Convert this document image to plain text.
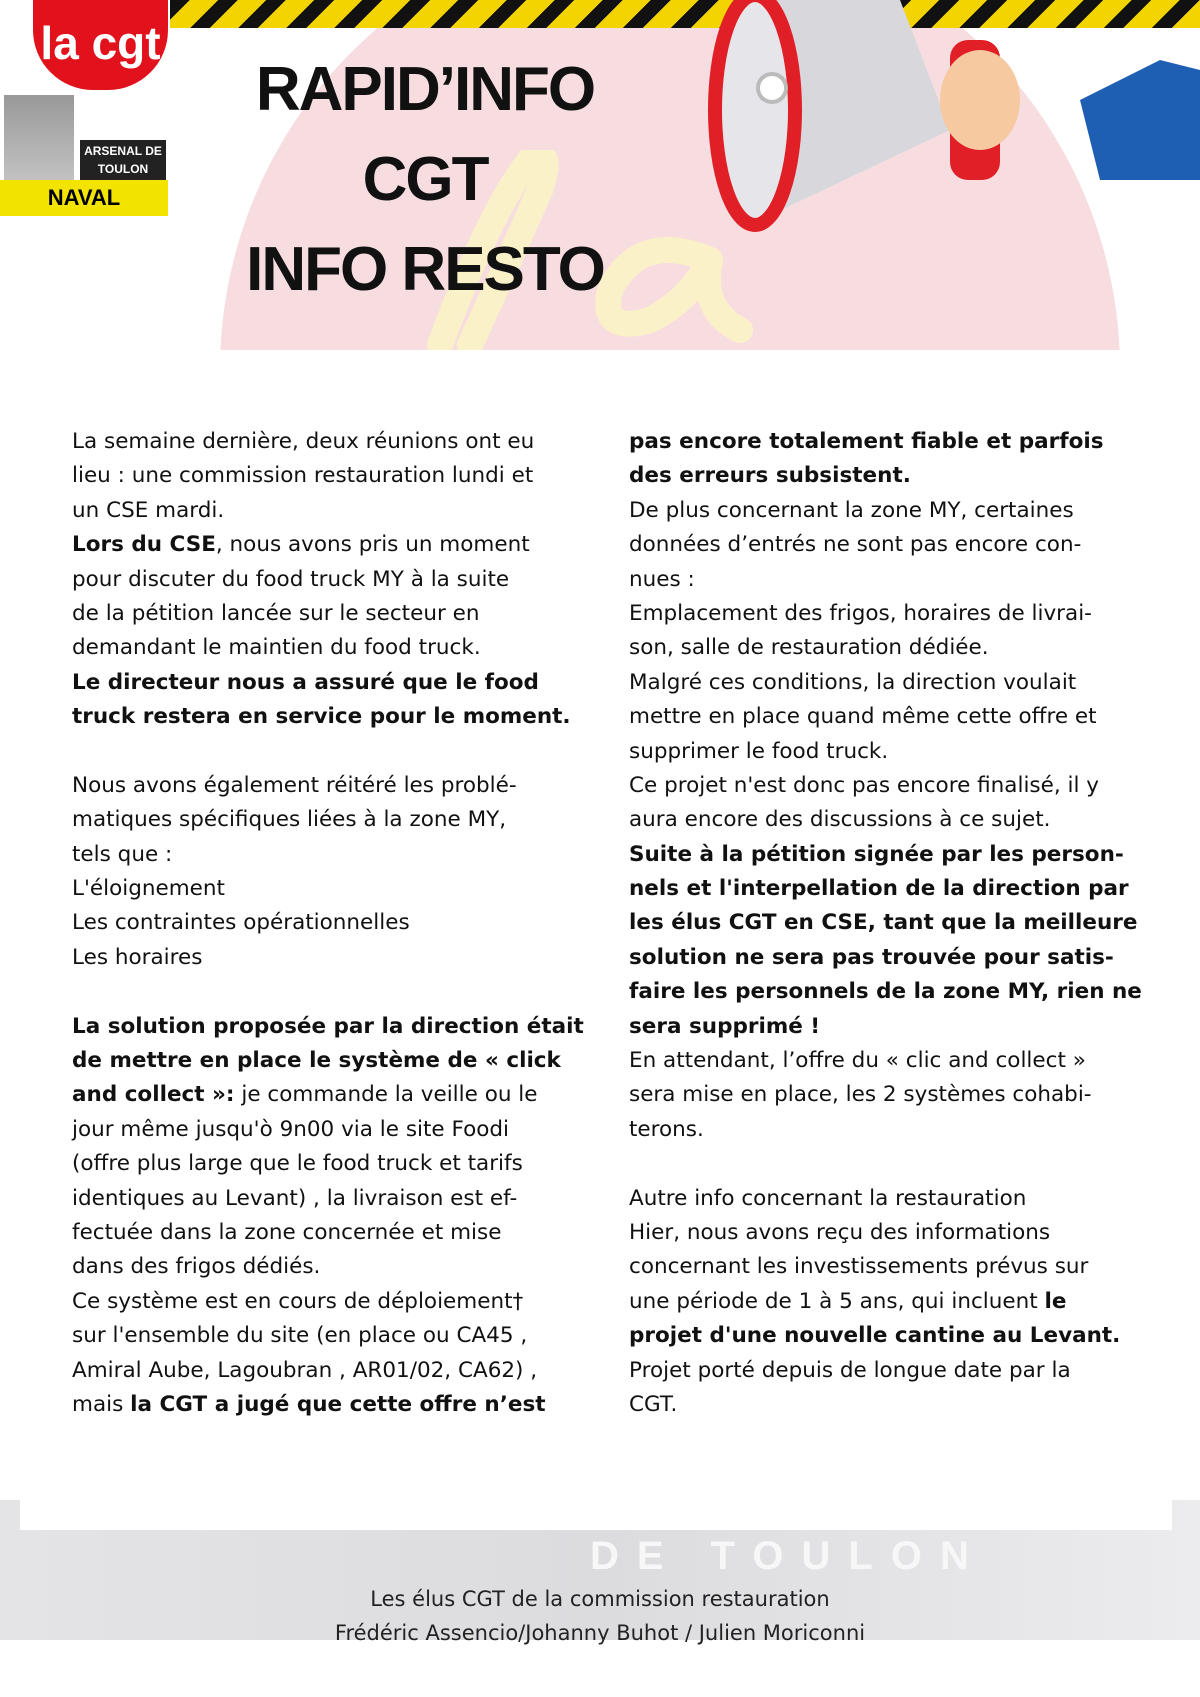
la cgt
ARSENAL DE TOULON
NAVAL
RAPID’INFO
CGT
INFO RESTO
DE TOULON
La semaine dernière, deux réunions ont eu
lieu : une commission restauration lundi et
un CSE mardi.
Lors du CSE, nous avons pris un moment
pour discuter du food truck MY à la suite
de la pétition lancée sur le secteur en
demandant le maintien du food truck.
Le directeur nous a assuré que le food
truck restera en service pour le moment.
Nous avons également réitéré les problé-
matiques spécifiques liées à la zone MY,
tels que :
L'éloignement
Les contraintes opérationnelles
Les horaires
La solution proposée par la direction était
de mettre en place le système de « click
and collect »: je commande la veille ou le
jour même jusqu'ò 9n00 via le site Foodi
(offre plus large que le food truck et tarifs
identiques au Levant) , la livraison est ef-
fectuée dans la zone concernée et mise
dans des frigos dédiés.
Ce système est en cours de déploiement†
sur l'ensemble du site (en place ou CA45 ,
Amiral Aube, Lagoubran , AR01/02, CA62) ,
mais la CGT a jugé que cette offre n’est
pas encore totalement fiable et parfois
des erreurs subsistent.
De plus concernant la zone MY, certaines
données d’entrés ne sont pas encore con-
nues :
Emplacement des frigos, horaires de livrai-
son, salle de restauration dédiée.
Malgré ces conditions, la direction voulait
mettre en place quand même cette offre et
supprimer le food truck.
Ce projet n'est donc pas encore finalisé, il y
aura encore des discussions à ce sujet.
Suite à la pétition signée par les person-
nels et l'interpellation de la direction par
les élus CGT en CSE, tant que la meilleure
solution ne sera pas trouvée pour satis-
faire les personnels de la zone MY, rien ne
sera supprimé !
En attendant, l’offre du « clic and collect »
sera mise en place, les 2 systèmes cohabi-
terons.
Autre info concernant la restauration
Hier, nous avons reçu des informations
concernant les investissements prévus sur
une période de 1 à 5 ans, qui incluent le
projet d'une nouvelle cantine au Levant.
Projet porté depuis de longue date par la
CGT.
Les élus CGT de la commission restauration
Frédéric Assencio/Johanny Buhot / Julien Moriconni
